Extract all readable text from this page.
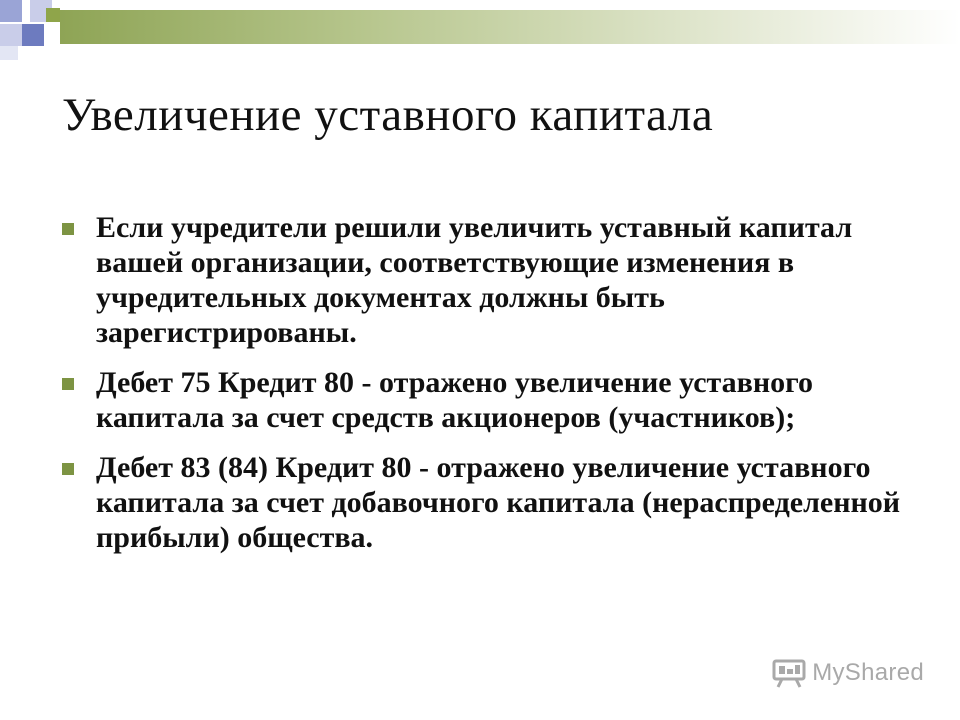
Увеличение уставного капитала
Если учредители решили увеличить уставный капитал вашей организации, соответствующие изменения в учредительных документах должны быть зарегистрированы.
Дебет 75 Кредит 80 - отражено увеличение уставного капитала за счет средств акционеров (участников);
Дебет 83 (84) Кредит 80 - отражено увеличение уставного капитала за счет добавочного капитала (нераспределенной прибыли) общества.
MyShared
